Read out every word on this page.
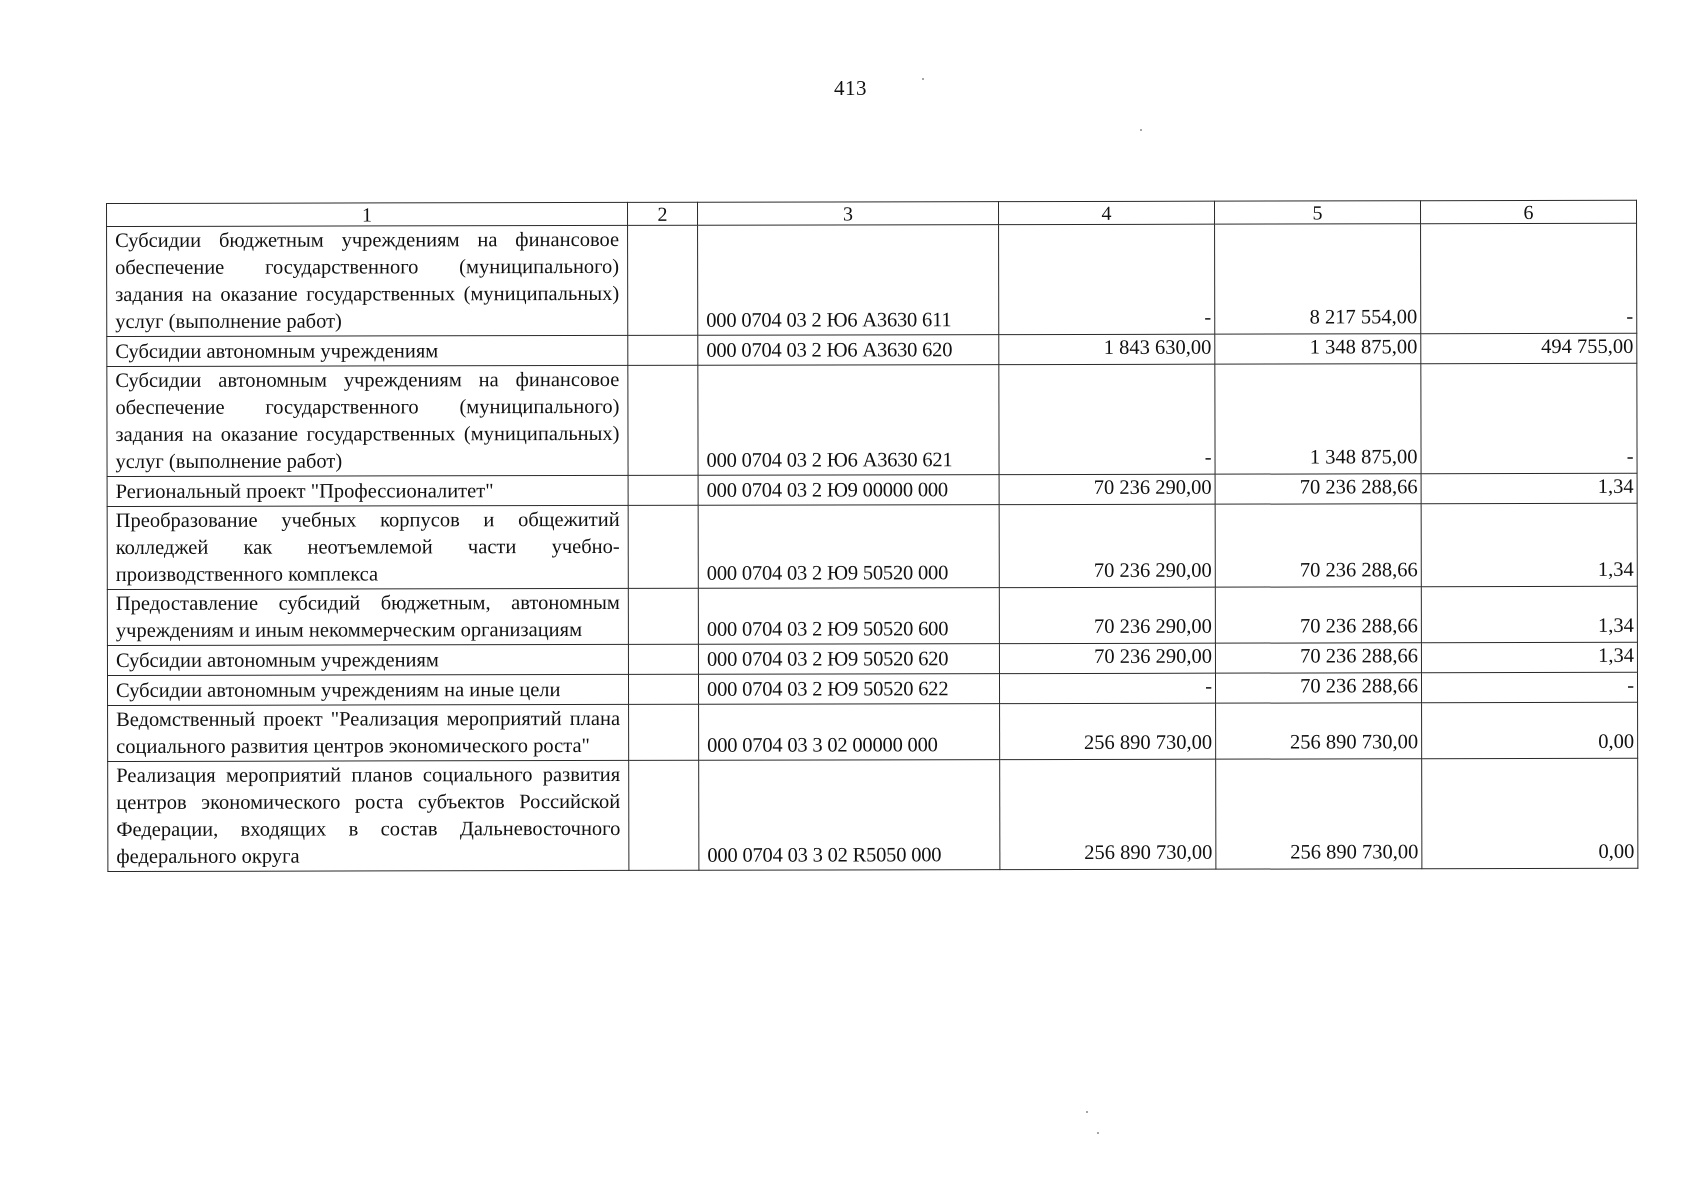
413
1	2	3	4	5	6
Субсидии бюджетным учреждениям на финансовое обеспечение государственного (муниципального) задания на оказание государственных (муниципальных) услуг (выполнение работ)		000 0704 03 2 Ю6 А3630 611	-	8 217 554,00	-
Субсидии автономным учреждениям		000 0704 03 2 Ю6 А3630 620	1 843 630,00	1 348 875,00	494 755,00
Субсидии автономным учреждениям на финансовое обеспечение государственного (муниципального) задания на оказание государственных (муниципальных) услуг (выполнение работ)		000 0704 03 2 Ю6 А3630 621	-	1 348 875,00	-
Региональный проект "Профессионалитет"		000 0704 03 2 Ю9 00000 000	70 236 290,00	70 236 288,66	1,34
Преобразование учебных корпусов и общежитий колледжей как неотъемлемой части учебно-производственного комплекса		000 0704 03 2 Ю9 50520 000	70 236 290,00	70 236 288,66	1,34
Предоставление субсидий бюджетным, автономным учреждениям и иным некоммерческим организациям		000 0704 03 2 Ю9 50520 600	70 236 290,00	70 236 288,66	1,34
Субсидии автономным учреждениям		000 0704 03 2 Ю9 50520 620	70 236 290,00	70 236 288,66	1,34
Субсидии автономным учреждениям на иные цели		000 0704 03 2 Ю9 50520 622	-	70 236 288,66	-
Ведомственный проект "Реализация мероприятий плана социального развития центров экономического роста"		000 0704 03 3 02 00000 000	256 890 730,00	256 890 730,00	0,00
Реализация мероприятий планов социального развития центров экономического роста субъектов Российской Федерации, входящих в состав Дальневосточного федерального округа		000 0704 03 3 02 R5050 000	256 890 730,00	256 890 730,00	0,00
